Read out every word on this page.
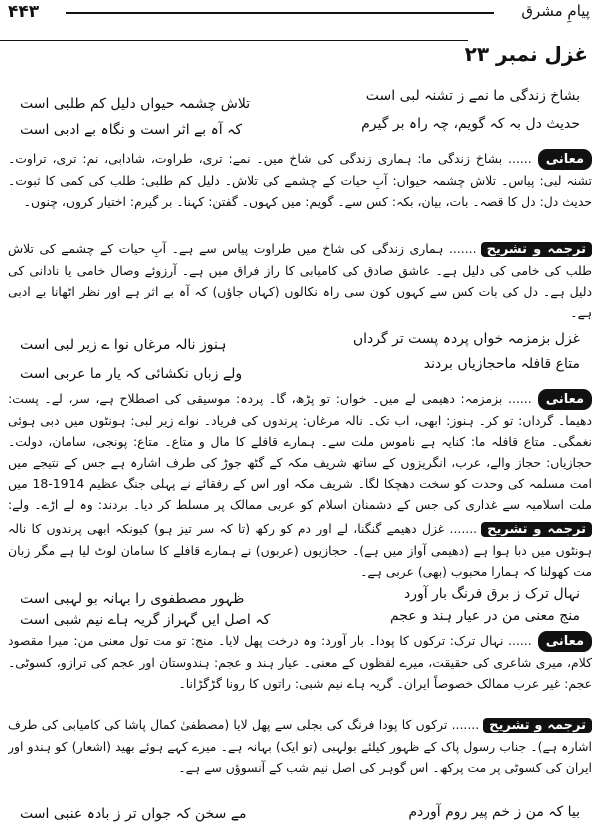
۴۴۳	پیامِ مشرق
غزل نمبر ۲۳
بشاخ زندگی ما نمے ز تشنہ لبی است
تلاش چشمہ حیواں دلیل کم طلبی است
حدیث دل بہ کہ گویم، چہ راہ بر گیرم
کہ آہ بے اثر است و نگاہ بے ادبی است
معانی...... بشاخ زندگی ما: ہماری زندگی کی شاخ میں۔ نمے: تری، طراوت، شادابی، نم: تری، تراوت۔ تشنہ لبی: پیاس۔ تلاش چشمہ حیواں: آبِ حیات کے چشمے کی تلاش۔ دلیل کم طلبی: طلب کی کمی کا ثبوت۔ حدیث دل: دل کا قصہ۔ بات، بیان، بکہ: کس سے۔ گویم: میں کہوں۔ گفتن: کہنا۔ بر گیرم: اختیار کروں، چنوں۔
ترجمہ و تشریح....... ہماری زندگی کی شاخ میں طراوت پیاس سے ہے۔ آبِ حیات کے چشمے کی تلاش طلب کی خامی کی دلیل ہے۔ عاشق صادق کی کامیابی کا راز فراق میں ہے۔ آرزوئے وصال خامی یا نادانی کی دلیل ہے۔ دل کی بات کس سے کہوں کون سی راہ نکالوں (کہاں جاؤں) کہ آہ بے اثر ہے اور نظر اٹھانا بے ادبی ہے۔
غزل بزمزمہ خواں پردہ پست تر گرداں
ہنوز نالہ مرغاں نوا ے زیر لبی است
متاع قافلہ ماحجازیاں بردند
ولے زباں نکشائی کہ یار ما عربی است
معانی...... بزمزمہ: دھیمی لے میں۔ خواں: تو پڑھ، گا۔ پردہ: موسیقی کی اصطلاح ہے، سر، لے۔ پست: دھیما۔ گرداں: تو کر۔ ہنوز: ابھی، اب تک۔ نالہ مرغاں: پرندوں کی فریاد۔ نواے زیر لبی: ہونٹوں میں دبی ہوئی نغمگی۔ متاع قافلہ ما: کنایہ ہے ناموس ملت سے۔ ہمارے قافلے کا مال و متاع۔ متاع: پونجی، سامان، دولت۔ حجازیاں: حجاز والے، عرب، انگریزوں کے ساتھ شریف مکہ کے گٹھ جوڑ کی طرف اشارہ ہے جس کے نتیجے میں امت مسلمہ کی وحدت کو سخت دھچکا لگا۔ شریف مکہ اور اس کے رفقائے نے پہلی جنگ عظیم 1914-18 میں ملت اسلامیہ سے غداری کی جس کے دشمنان اسلام کو عربی ممالک پر مسلط کر دیا۔ بردند: وہ لے اڑے۔ ولے:
ترجمہ و تشریح....... غزل دھیمے گنگنا، لے اور دم کو رکھ (تا کہ سر تیز ہو) کیونکہ ابھی پرندوں کا نالہ ہونٹوں میں دبا ہوا ہے (دھیمی آواز میں ہے)۔ حجازیوں (عربوں) نے ہمارے قافلے کا سامان لوٹ لیا ہے مگر زبان مت کھولنا کہ ہمارا محبوب (بھی) عربی ہے۔
نہال ترک ز برق فرنگ بار آورد
ظہور مصطفوی را بہانہ بو لہبی است
منج معنی من در عیار ہند و عجم
کہ اصل ایں گہراز گریہ ہاے نیم شبی است
معانی...... نہال ترک: ترکوں کا پودا۔ بار آورد: وہ درخت پھل لایا۔ منج: تو مت تول معنی من: میرا مقصود کلام، میری شاعری کی حقیقت، میرے لفظوں کے معنی۔ عیار ہند و عجم: ہندوستان اور عجم کی ترازو، کسوٹی۔ عجم: غیر عرب ممالک خصوصاً ایران۔ گریہ ہاے نیم شبی: راتوں کا رونا گڑگڑانا۔
ترجمہ و تشریح....... ترکوں کا پودا فرنگ کی بجلی سے پھل لایا (مصطفیٰ کمال پاشا کی کامیابی کی طرف اشارہ ہے)۔ جناب رسول پاک کے ظہور کیلئے بولہبی (تو ایک) بہانہ ہے۔ میرے کہے ہوئے بھید (اشعار) کو ہندو اور ایران کی کسوٹی پر مت پرکھ۔ اس گوہر کی اصل نیم شب کے آنسوؤں سے ہے۔
بیا کہ من ز خم پیر روم آوردم
مے سخن کہ جواں تر ز بادہ عنبی است
